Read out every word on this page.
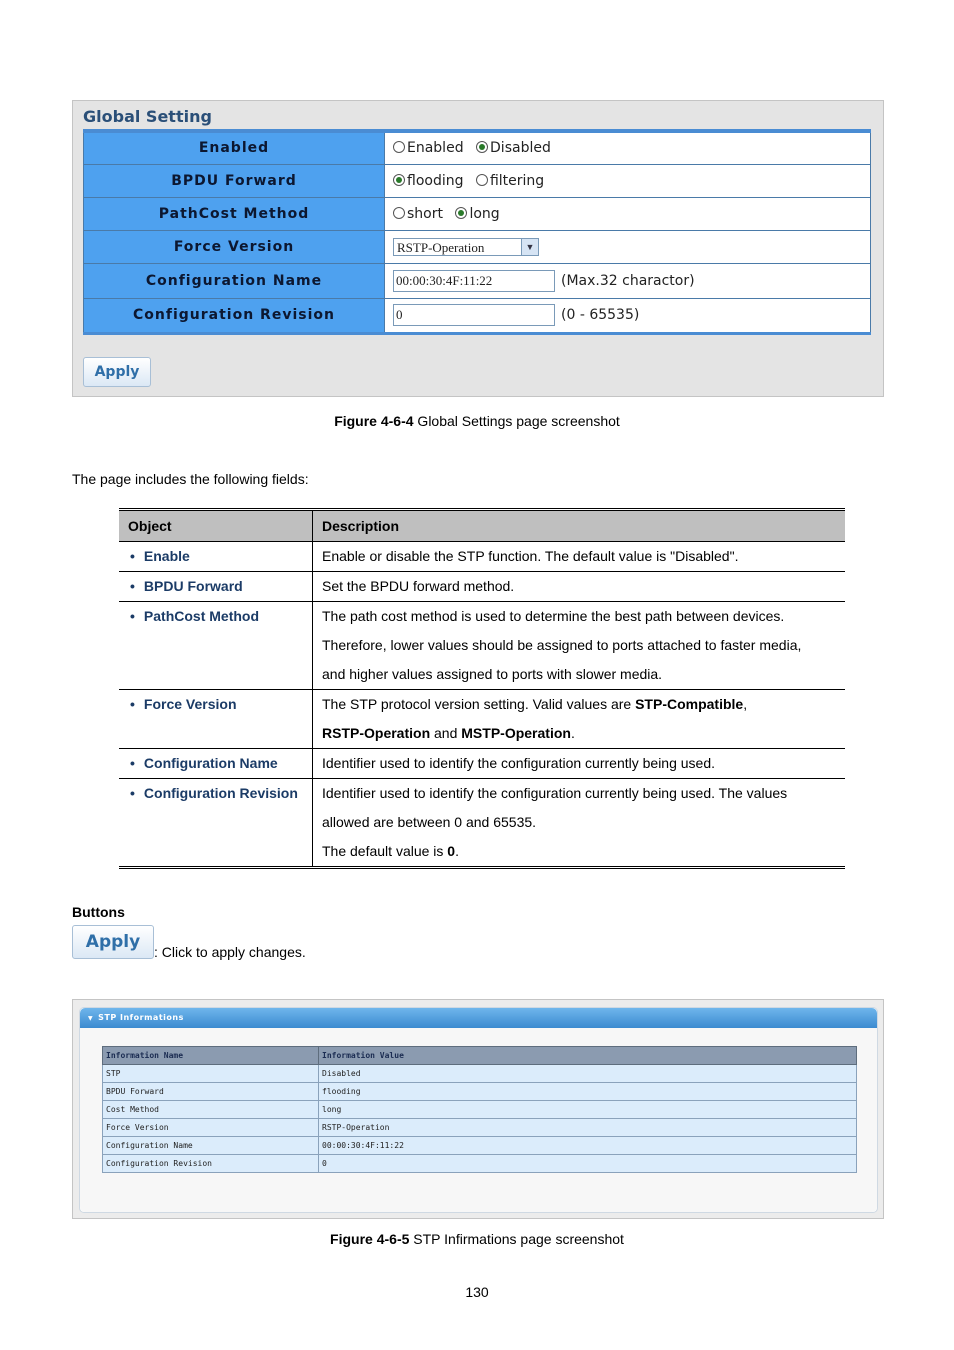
Global Setting
Enabled	Enabled Disabled
BPDU Forward	flooding filtering
PathCost Method	short long
Force Version	RSTP-Operation ▼

Configuration Name	00:00:30:4F:11:22 (Max.32 charactor)
Configuration Revision	0 (0 - 65535)
Apply
Figure 4-6-4 Global Settings page screenshot
The page includes the following fields:
Object	Description
• Enable	Enable or disable the STP function. The default value is "Disabled".
• BPDU Forward	Set the BPDU forward method.
• PathCost Method	The path cost method is used to determine the best path between devices.
Therefore, lower values should be assigned to ports attached to faster media,
and higher values assigned to ports with slower media.

• Force Version	The STP protocol version setting. Valid values are STP-Compatible,
RSTP-Operation and MSTP-Operation.

• Configuration Name	Identifier used to identify the configuration currently being used.
• Configuration Revision	Identifier used to identify the configuration currently being used. The values
allowed are between 0 and 65535.
The default value is 0.
Buttons
Apply : Click to apply changes.
▼ STP Informations
Information Name	Information Value
STP	Disabled
BPDU Forward	flooding
Cost Method	long
Force Version	RSTP-Operation
Configuration Name	00:00:30:4F:11:22
Configuration Revision	0
Figure 4-6-5 STP Infirmations page screenshot
130
